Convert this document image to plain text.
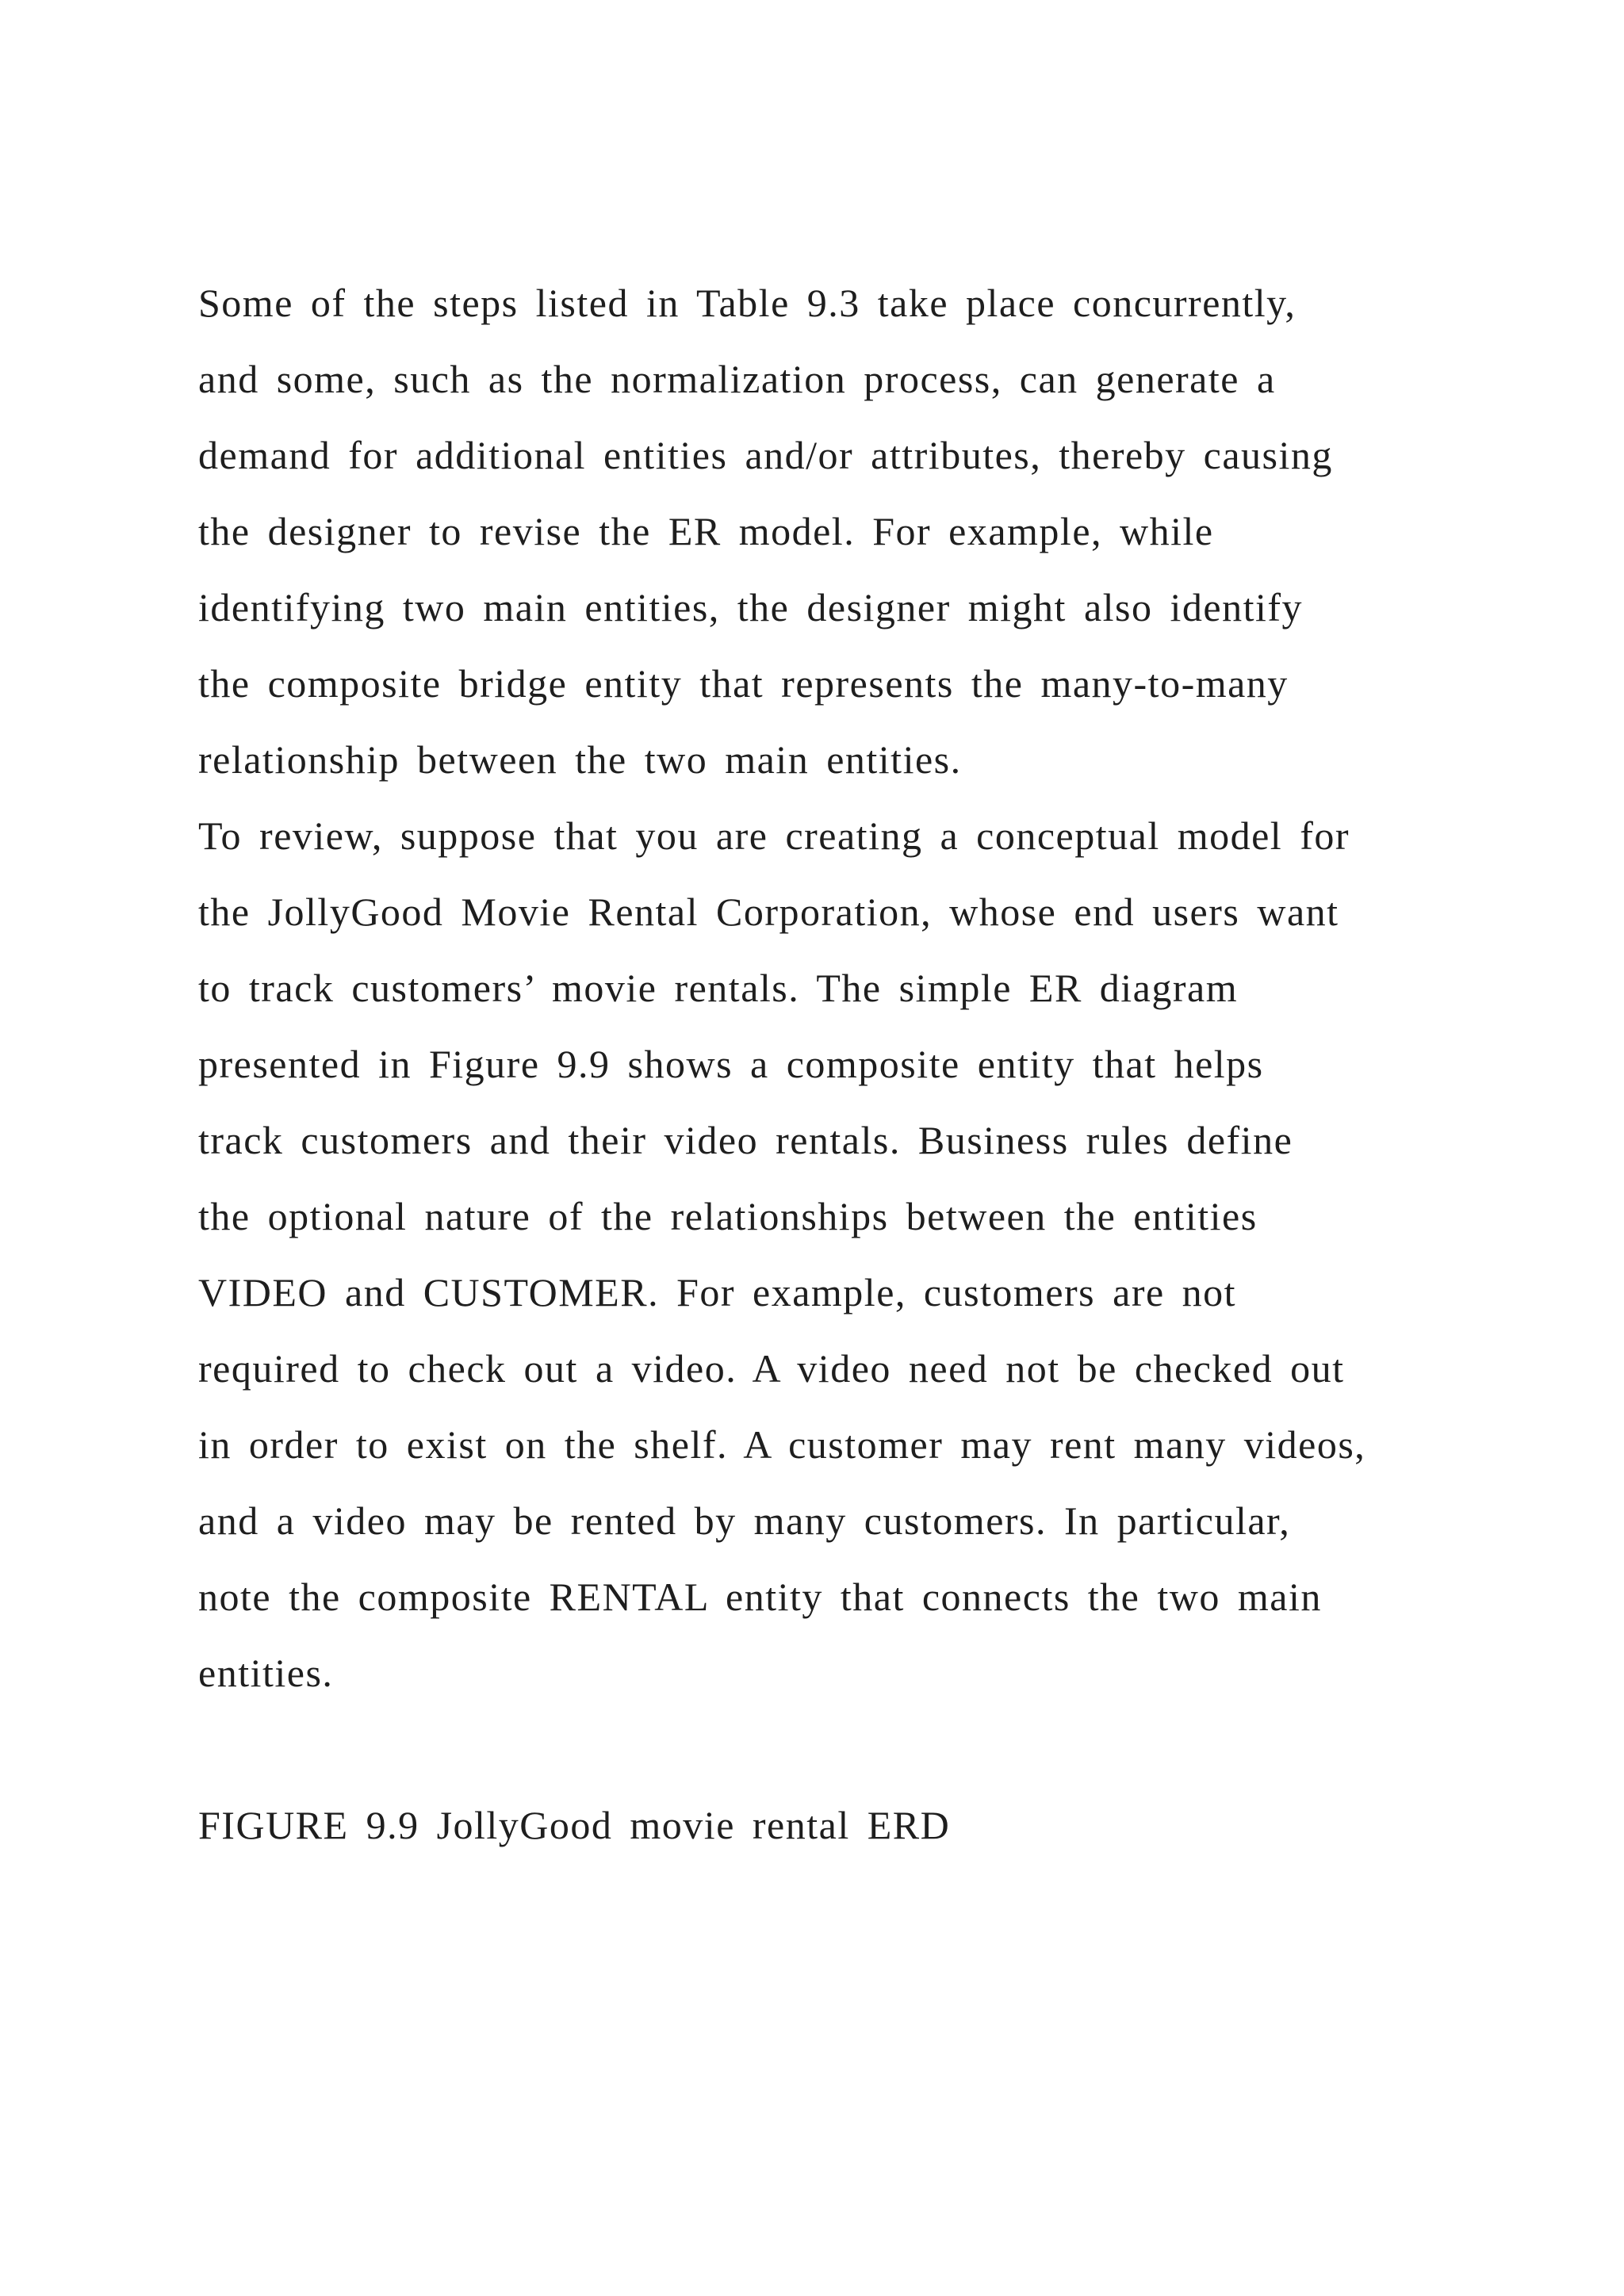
Some of the steps listed in Table 9.3 take place concurrently,
and some, such as the normalization process, can generate a
demand for additional entities and/or attributes, thereby causing
the designer to revise the ER model. For example, while
identifying two main entities, the designer might also identify
the composite bridge entity that represents the many-to-many
relationship between the two main entities.
To review, suppose that you are creating a conceptual model for
the JollyGood Movie Rental Corporation, whose end users want
to track customers’ movie rentals. The simple ER diagram
presented in Figure 9.9 shows a composite entity that helps
track customers and their video rentals. Business rules define
the optional nature of the relationships between the entities
VIDEO and CUSTOMER. For example, customers are not
required to check out a video. A video need not be checked out
in order to exist on the shelf. A customer may rent many videos,
and a video may be rented by many customers. In particular,
note the composite RENTAL entity that connects the two main
entities.
FIGURE 9.9 JollyGood movie rental ERD
